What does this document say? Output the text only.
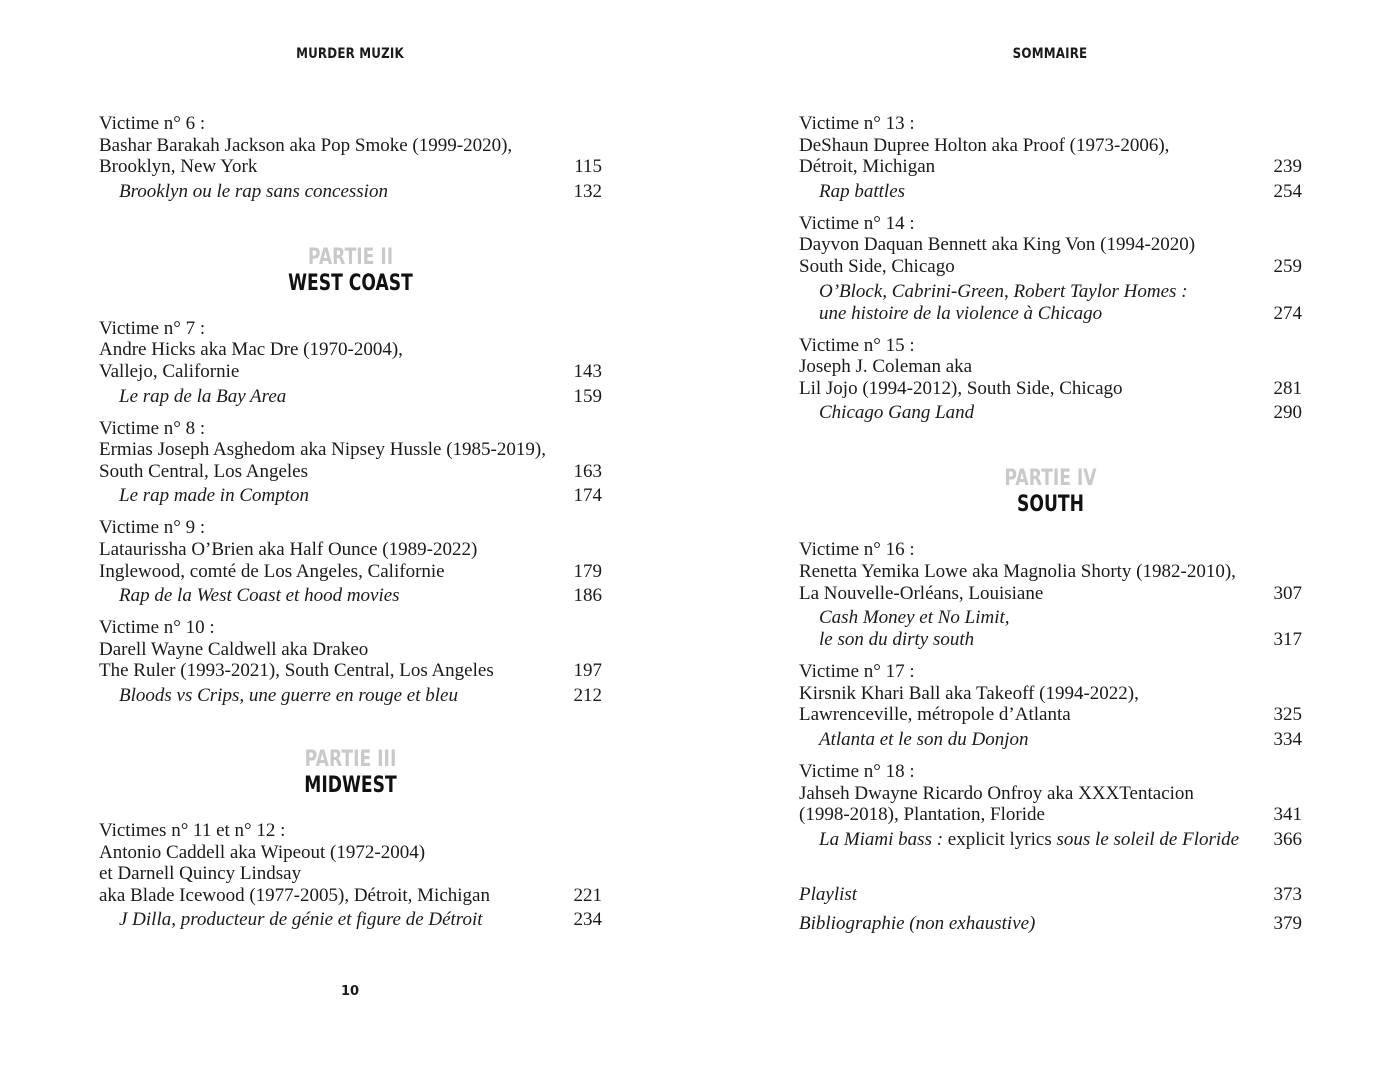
MURDER MUZIK
Victime n° 6 :
Bashar Barakah Jackson aka Pop Smoke (1999-2020),
Brooklyn, New York	115
Brooklyn ou le rap sans concession	132
PARTIE II
WEST COAST
Victime n° 7 :
Andre Hicks aka Mac Dre (1970-2004),
Vallejo, Californie	143
Le rap de la Bay Area	159
Victime n° 8 :
Ermias Joseph Asghedom aka Nipsey Hussle (1985-2019),
South Central, Los Angeles	163
Le rap made in Compton	174
Victime n° 9 :
Lataurissha O’Brien aka Half Ounce (1989-2022)
Inglewood, comté de Los Angeles, Californie	179
Rap de la West Coast et hood movies	186
Victime n° 10 :
Darell Wayne Caldwell aka Drakeo
The Ruler (1993-2021), South Central, Los Angeles	197
Bloods vs Crips, une guerre en rouge et bleu	212
PARTIE III
MIDWEST
Victimes n° 11 et n° 12 :
Antonio Caddell aka Wipeout (1972-2004)
et Darnell Quincy Lindsay
aka Blade Icewood (1977-2005), Détroit, Michigan	221
J Dilla, producteur de génie et figure de Détroit	234
10
SOMMAIRE
Victime n° 13 :
DeShaun Dupree Holton aka Proof (1973-2006),
Détroit, Michigan	239
Rap battles	254
Victime n° 14 :
Dayvon Daquan Bennett aka King Von (1994-2020)
South Side, Chicago	259
O’Block, Cabrini-Green, Robert Taylor Homes :
une histoire de la violence à Chicago	274
Victime n° 15 :
Joseph J. Coleman aka
Lil Jojo (1994-2012), South Side, Chicago	281
Chicago Gang Land	290
PARTIE IV
SOUTH
Victime n° 16 :
Renetta Yemika Lowe aka Magnolia Shorty (1982-2010),
La Nouvelle-Orléans, Louisiane	307
Cash Money et No Limit,
le son du dirty south	317
Victime n° 17 :
Kirsnik Khari Ball aka Takeoff (1994-2022),
Lawrenceville, métropole d’Atlanta	325
Atlanta et le son du Donjon	334
Victime n° 18 :
Jahseh Dwayne Ricardo Onfroy aka XXXTentacion
(1998-2018), Plantation, Floride	341
La Miami bass : explicit lyrics sous le soleil de Floride 366
Playlist	373
Bibliographie (non exhaustive)	379
